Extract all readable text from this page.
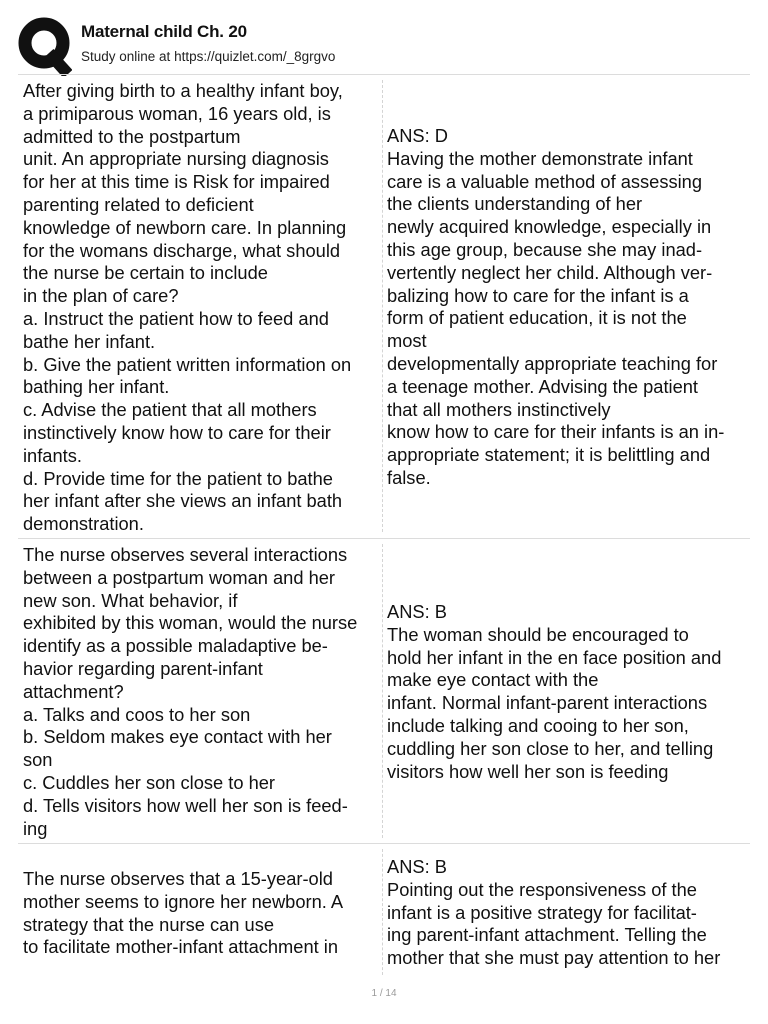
Maternal child Ch. 20
Study online at https://quizlet.com/_8grgvo
After giving birth to a healthy infant boy,
a primiparous woman, 16 years old, is
admitted to the postpartum
unit. An appropriate nursing diagnosis
for her at this time is Risk for impaired
parenting related to deficient
knowledge of newborn care. In planning
for the womans discharge, what should
the nurse be certain to include
in the plan of care?
a. Instruct the patient how to feed and
bathe her infant.
b. Give the patient written information on
bathing her infant.
c. Advise the patient that all mothers
instinctively know how to care for their
infants.
d. Provide time for the patient to bathe
her infant after she views an infant bath
demonstration.
ANS: D
Having the mother demonstrate infant
care is a valuable method of assessing
the clients understanding of her
newly acquired knowledge, especially in
this age group, because she may inad-
vertently neglect her child. Although ver-
balizing how to care for the infant is a
form of patient education, it is not the
most
developmentally appropriate teaching for
a teenage mother. Advising the patient
that all mothers instinctively
know how to care for their infants is an in-
appropriate statement; it is belittling and
false.
The nurse observes several interactions
between a postpartum woman and her
new son. What behavior, if
exhibited by this woman, would the nurse
identify as a possible maladaptive be-
havior regarding parent-infant
attachment?
a. Talks and coos to her son
b. Seldom makes eye contact with her
son
c. Cuddles her son close to her
d. Tells visitors how well her son is feed-
ing
ANS: B
The woman should be encouraged to
hold her infant in the en face position and
make eye contact with the
infant. Normal infant-parent interactions
include talking and cooing to her son,
cuddling her son close to her, and telling
visitors how well her son is feeding
The nurse observes that a 15-year-old
mother seems to ignore her newborn. A
strategy that the nurse can use
to facilitate mother-infant attachment in
ANS: B
Pointing out the responsiveness of the
infant is a positive strategy for facilitat-
ing parent-infant attachment. Telling the
mother that she must pay attention to her
1 / 14
